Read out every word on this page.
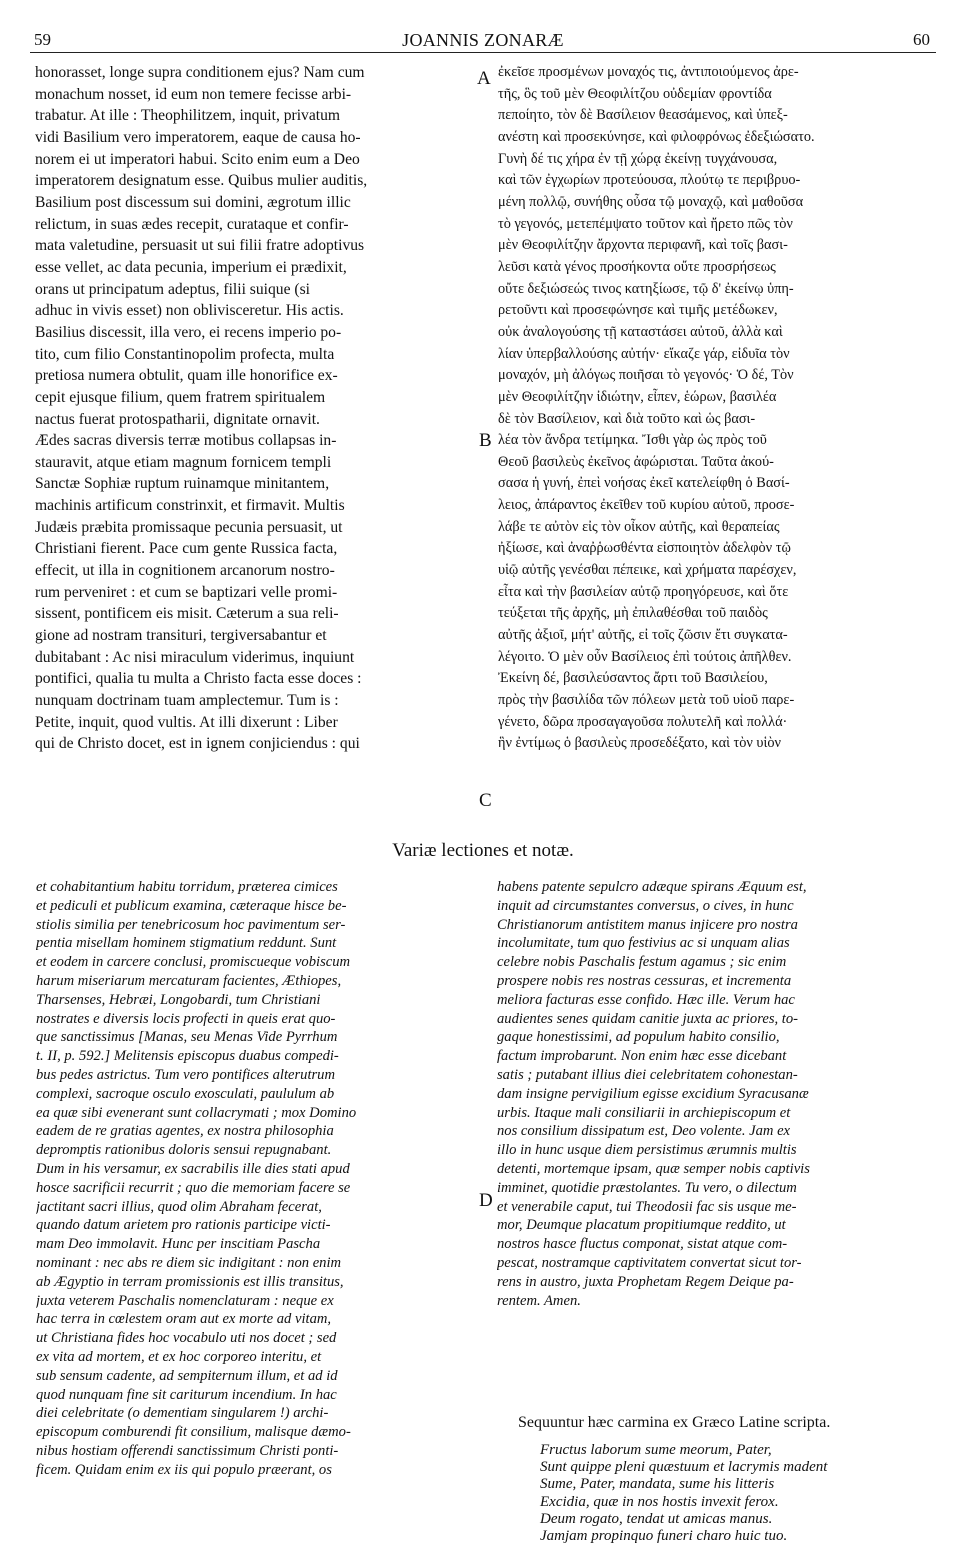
59	JOANNIS ZONARÆ	60
honorasset, longe supra conditionem ejus? Nam cum
monachum nosset, id eum non temere fecisse arbi-
trabatur. At ille : Theophilitzem, inquit, privatum
vidi Basilium vero imperatorem, eaque de causa ho-
norem ei ut imperatori habui. Scito enim eum a Deo
imperatorem designatum esse. Quibus mulier auditis,
Basilium post discessum sui domini, ægrotum illic
relictum, in suas ædes recepit, curataque et confir-
mata valetudine, persuasit ut sui filii fratre adoptivus
esse vellet, ac data pecunia, imperium ei prædixit,
orans ut principatum adeptus, filii suique (si
adhuc in vivis esset) non oblivisceretur. His actis.
Basilius discessit, illa vero, ei recens imperio po-
tito, cum filio Constantinopolim profecta, multa
pretiosa numera obtulit, quam ille honorifice ex-
cepit ejusque filium, quem fratrem spiritualem
nactus fuerat protospatharii, dignitate ornavit.
Ædes sacras diversis terræ motibus collapsas in-
stauravit, atque etiam magnum fornicem templi
Sanctæ Sophiæ ruptum ruinamque minitantem,
machinis artificum constrinxit, et firmavit. Multis
Judæis præbita promissaque pecunia persuasit, ut
Christiani fierent. Pace cum gente Russica facta,
effecit, ut illa in cognitionem arcanorum nostro-
rum perveniret : et cum se baptizari velle promi-
sissent, pontificem eis misit. Cæterum a sua reli-
gione ad nostram transituri, tergiversabantur et
dubitabant : Ac nisi miraculum viderimus, inquiunt
pontifici, qualia tu multa a Christo facta esse doces :
nunquam doctrinam tuam amplectemur. Tum is :
Petite, inquit, quod vultis. At illi dixerunt : Liber
qui de Christo docet, est in ignem conjiciendus : qui
ἐκεῖσε προσμένων μοναχός τις, ἀντιποιούμενος ἀρε-
τῆς, ὃς τοῦ μὲν Θεοφιλίτζου οὐδεμίαν φροντίδα
πεποίητο, τὸν δὲ Βασίλειον θεασάμενος, καὶ ὑπεξ-
ανέστη καὶ προσεκύνησε, καὶ φιλοφρόνως ἐδεξιώσατο.
Γυνὴ δέ τις χήρα ἐν τῇ χώρᾳ ἐκείνῃ τυγχάνουσα,
καὶ τῶν ἐγχωρίων προτεύουσα, πλούτῳ τε περιβρυο-
μένη πολλῷ, συνήθης οὖσα τῷ μοναχῷ, καὶ μαθοῦσα
τὸ γεγονός, μετεπέμψατο τοῦτον καὶ ἤρετο πῶς τὸν
μὲν Θεοφιλίτζην ἄρχοντα περιφανῆ, καὶ τοῖς βασι-
λεῦσι κατὰ γένος προσήκοντα οὔτε προσρήσεως
οὔτε δεξιώσεώς τινος κατηξίωσε, τῷ δ' ἐκείνῳ ὑπη-
ρετοῦντι καὶ προσεφώνησε καὶ τιμῆς μετέδωκεν,
οὐκ ἀναλογούσης τῇ καταστάσει αὐτοῦ, ἀλλὰ καὶ
λίαν ὑπερβαλλούσης αὐτήν· εἴκαζε γάρ, εἰδυῖα τὸν
μοναχόν, μὴ ἀλόγως ποιῆσαι τὸ γεγονός· Ὁ δέ, Τὸν
μὲν Θεοφιλίτζην ἰδιώτην, εἶπεν, ἑώρων, βασιλέα
δὲ τὸν Βασίλειον, καὶ διὰ τοῦτο καὶ ὡς βασι-
λέα τὸν ἄνδρα τετίμηκα. Ἴσθι γὰρ ὡς πρὸς τοῦ
Θεοῦ βασιλεὺς ἐκεῖνος ἀφώρισται. Ταῦτα ἀκού-
σασα ἡ γυνή, ἐπεὶ νοήσας ἐκεῖ κατελείφθη ὁ Βασί-
λειος, ἀπάραντος ἐκεῖθεν τοῦ κυρίου αὐτοῦ, προσε-
λάβε τε αὐτὸν εἰς τὸν οἶκον αὐτῆς, καὶ θεραπείας
ἠξίωσε, καὶ ἀναῤῥωσθέντα εἰσποιητὸν ἀδελφὸν τῷ
υἱῷ αὐτῆς γενέσθαι πέπεικε, καὶ χρήματα παρέσχεν,
εἶτα καὶ τὴν βασιλείαν αὐτῷ προηγόρευσε, καὶ ὅτε
τεύξεται τῆς ἀρχῆς, μὴ ἐπιλαθέσθαι τοῦ παιδὸς
αὐτῆς ἀξιοῖ, μήτ' αὐτῆς, εἰ τοῖς ζῶσιν ἔτι συγκατα-
λέγοιτο. Ὁ μὲν οὖν Βασίλειος ἐπὶ τούτοις ἀπῆλθεν.
Ἐκείνη δέ, βασιλεύσαντος ἄρτι τοῦ Βασιλείου,
πρὸς τὴν βασιλίδα τῶν πόλεων μετὰ τοῦ υἱοῦ παρε-
γένετο, δῶρα προσαγαγοῦσα πολυτελῆ καὶ πολλά·
ἣν ἐντίμως ὁ βασιλεὺς προσεδέξατο, καὶ τὸν υἱὸν
A
B
C
D
Variæ lectiones et notæ.
et cohabitantium habitu torridum, præterea cimices
et pediculi et publicum examina, cæteraque hisce be-
stiolis similia per tenebricosum hoc pavimentum ser-
pentia misellam hominem stigmatium reddunt. Sunt
et eodem in carcere conclusi, promiscueque vobiscum
harum miseriarum mercaturam facientes, Æthiopes,
Tharsenses, Hebræi, Longobardi, tum Christiani
nostrates e diversis locis profecti in queis erat quo-
que sanctissimus [Manas, seu Menas Vide Pyrrhum
t. II, p. 592.] Melitensis episcopus duabus compedi-
bus pedes astrictus. Tum vero pontifices alterutrum
complexi, sacroque osculo exosculati, paululum ab
ea quæ sibi evenerant sunt collacrymati ; mox Domino
eadem de re gratias agentes, ex nostra philosophia
depromptis rationibus doloris sensui repugnabant.
Dum in his versamur, ex sacrabilis ille dies stati apud
hosce sacrificii recurrit ; quo die memoriam facere se
jactitant sacri illius, quod olim Abraham fecerat,
quando datum arietem pro rationis participe victi-
mam Deo immolavit. Hunc per inscitiam Pascha
nominant : nec abs re diem sic indigitant : non enim
ab Ægyptio in terram promissionis est illis transitus,
juxta veterem Paschalis nomenclaturam : neque ex
hac terra in cœlestem oram aut ex morte ad vitam,
ut Christiana fides hoc vocabulo uti nos docet ; sed
ex vita ad mortem, et ex hoc corporeo interitu, et
sub sensum cadente, ad sempiternum illum, et ad id
quod nunquam fine sit cariturum incendium. In hac
diei celebritate (o dementiam singularem !) archi-
episcopum comburendi fit consilium, malisque dæmo-
nibus hostiam offerendi sanctissimum Christi ponti-
ficem. Quidam enim ex iis qui populo præerant, os
habens patente sepulcro adæque spirans Æquum est,
inquit ad circumstantes conversus, o cives, in hunc
Christianorum antistitem manus injicere pro nostra
incolumitate, tum quo festivius ac si unquam alias
celebre nobis Paschalis festum agamus ; sic enim
prospere nobis res nostras cessuras, et incrementa
meliora facturas esse confido. Hæc ille. Verum hac
audientes senes quidam canitie juxta ac priores, to-
gaque honestissimi, ad populum habito consilio,
factum improbarunt. Non enim hæc esse dicebant
satis ; putabant illius diei celebritatem cohonestan-
dam insigne pervigilium egisse excidium Syracusanæ
urbis. Itaque mali consiliarii in archiepiscopum et
nos consilium dissipatum est, Deo volente. Jam ex
illo in hunc usque diem persistimus ærumnis multis
detenti, mortemque ipsam, quæ semper nobis captivis
imminet, quotidie præstolantes. Tu vero, o dilectum
et venerabile caput, tui Theodosii fac sis usque me-
mor, Deumque placatum propitiumque reddito, ut
nostros hasce fluctus componat, sistat atque com-
pescat, nostramque captivitatem convertat sicut tor-
rens in austro, juxta Prophetam Regem Deique pa-
rentem. Amen.
Sequuntur hæc carmina ex Græco Latine scripta.
Fructus laborum sume meorum, Pater,
Sunt quippe pleni quæstuum et lacrymis madent
Sume, Pater, mandata, sume his litteris
Excidia, quæ in nos hostis invexit ferox.
Deum rogato, tendat ut amicas manus.
Jamjam propinquo funeri charo huic tuo.
